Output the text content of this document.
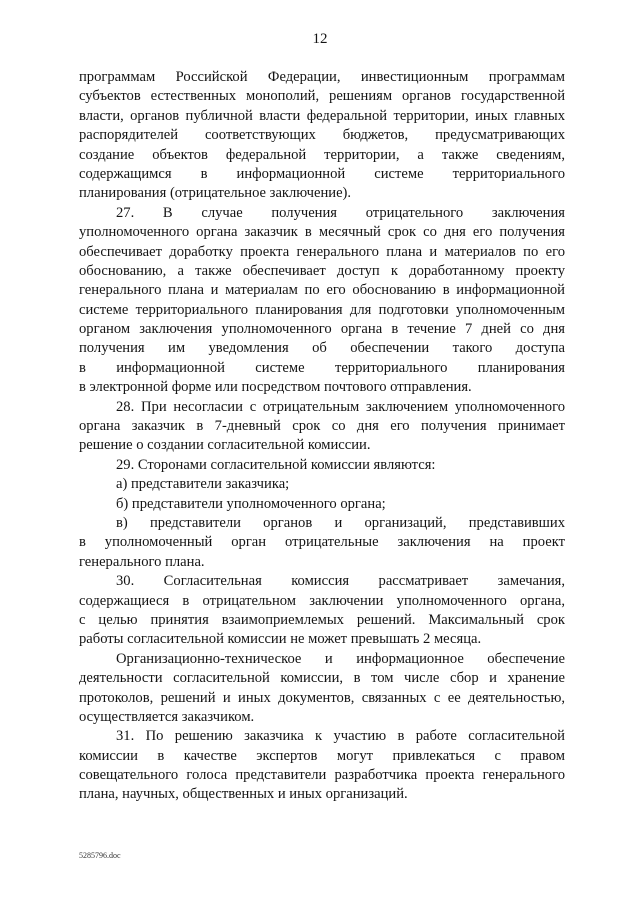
12
программам Российской Федерации, инвестиционным программам
субъектов естественных монополий, решениям органов государственной
власти, органов публичной власти федеральной территории, иных главных
распорядителей соответствующих бюджетов, предусматривающих
создание объектов федеральной территории, а также сведениям,
содержащимся в информационной системе территориального
планирования (отрицательное заключение).
27. В случае получения отрицательного заключения
уполномоченного органа заказчик в месячный срок со дня его получения
обеспечивает доработку проекта генерального плана и материалов по его
обоснованию, а также обеспечивает доступ к доработанному проекту
генерального плана и материалам по его обоснованию в информационной
системе территориального планирования для подготовки уполномоченным
органом заключения уполномоченного органа в течение 7 дней со дня
получения им уведомления об обеспечении такого доступа
в информационной системе территориального планирования
в электронной форме или посредством почтового отправления.
28. При несогласии с отрицательным заключением уполномоченного
органа заказчик в 7-дневный срок со дня его получения принимает
решение о создании согласительной комиссии.
29. Сторонами согласительной комиссии являются:
а) представители заказчика;
б) представители уполномоченного органа;
в) представители органов и организаций, представивших
в уполномоченный орган отрицательные заключения на проект
генерального плана.
30. Согласительная комиссия рассматривает замечания,
содержащиеся в отрицательном заключении уполномоченного органа,
с целью принятия взаимоприемлемых решений. Максимальный срок
работы согласительной комиссии не может превышать 2 месяца.
Организационно-техническое и информационное обеспечение
деятельности согласительной комиссии, в том числе сбор и хранение
протоколов, решений и иных документов, связанных с ее деятельностью,
осуществляется заказчиком.
31. По решению заказчика к участию в работе согласительной
комиссии в качестве экспертов могут привлекаться с правом
совещательного голоса представители разработчика проекта генерального
плана, научных, общественных и иных организаций.
5285796.doc
